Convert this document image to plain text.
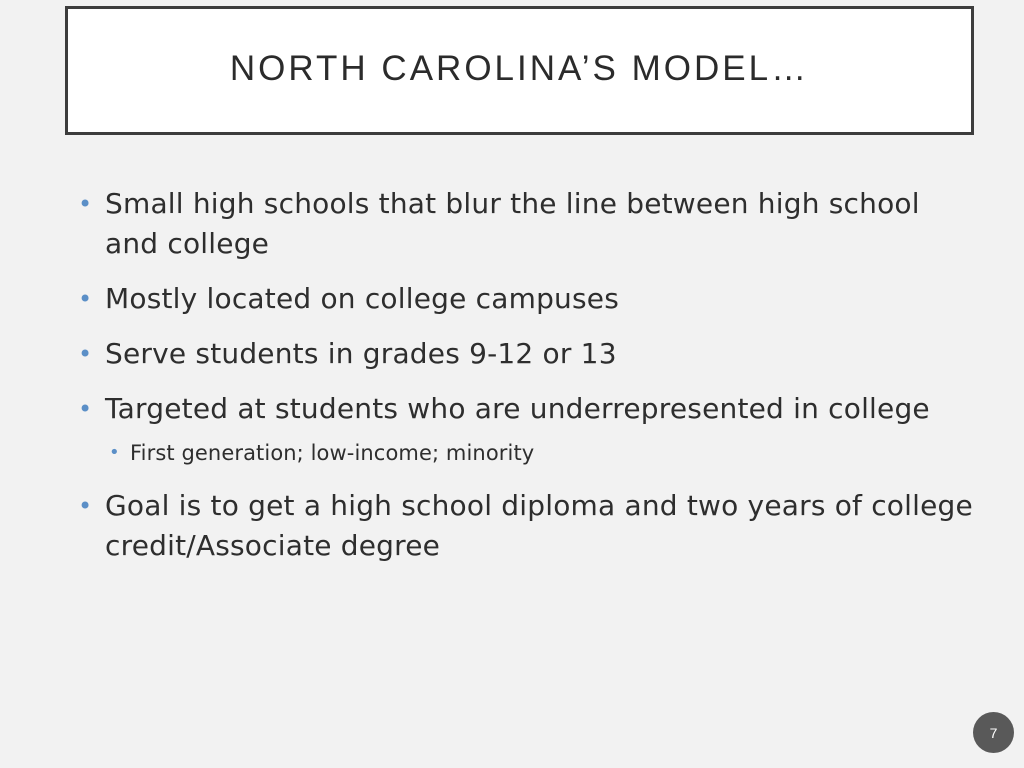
NORTH CAROLINA’S MODEL…
• Small high schools that blur the line between high school and college
• Mostly located on college campuses
• Serve students in grades 9-12 or 13
• Targeted at students who are underrepresented in college
• First generation; low-income; minority
• Goal is to get a high school diploma and two years of college credit/Associate degree
7
